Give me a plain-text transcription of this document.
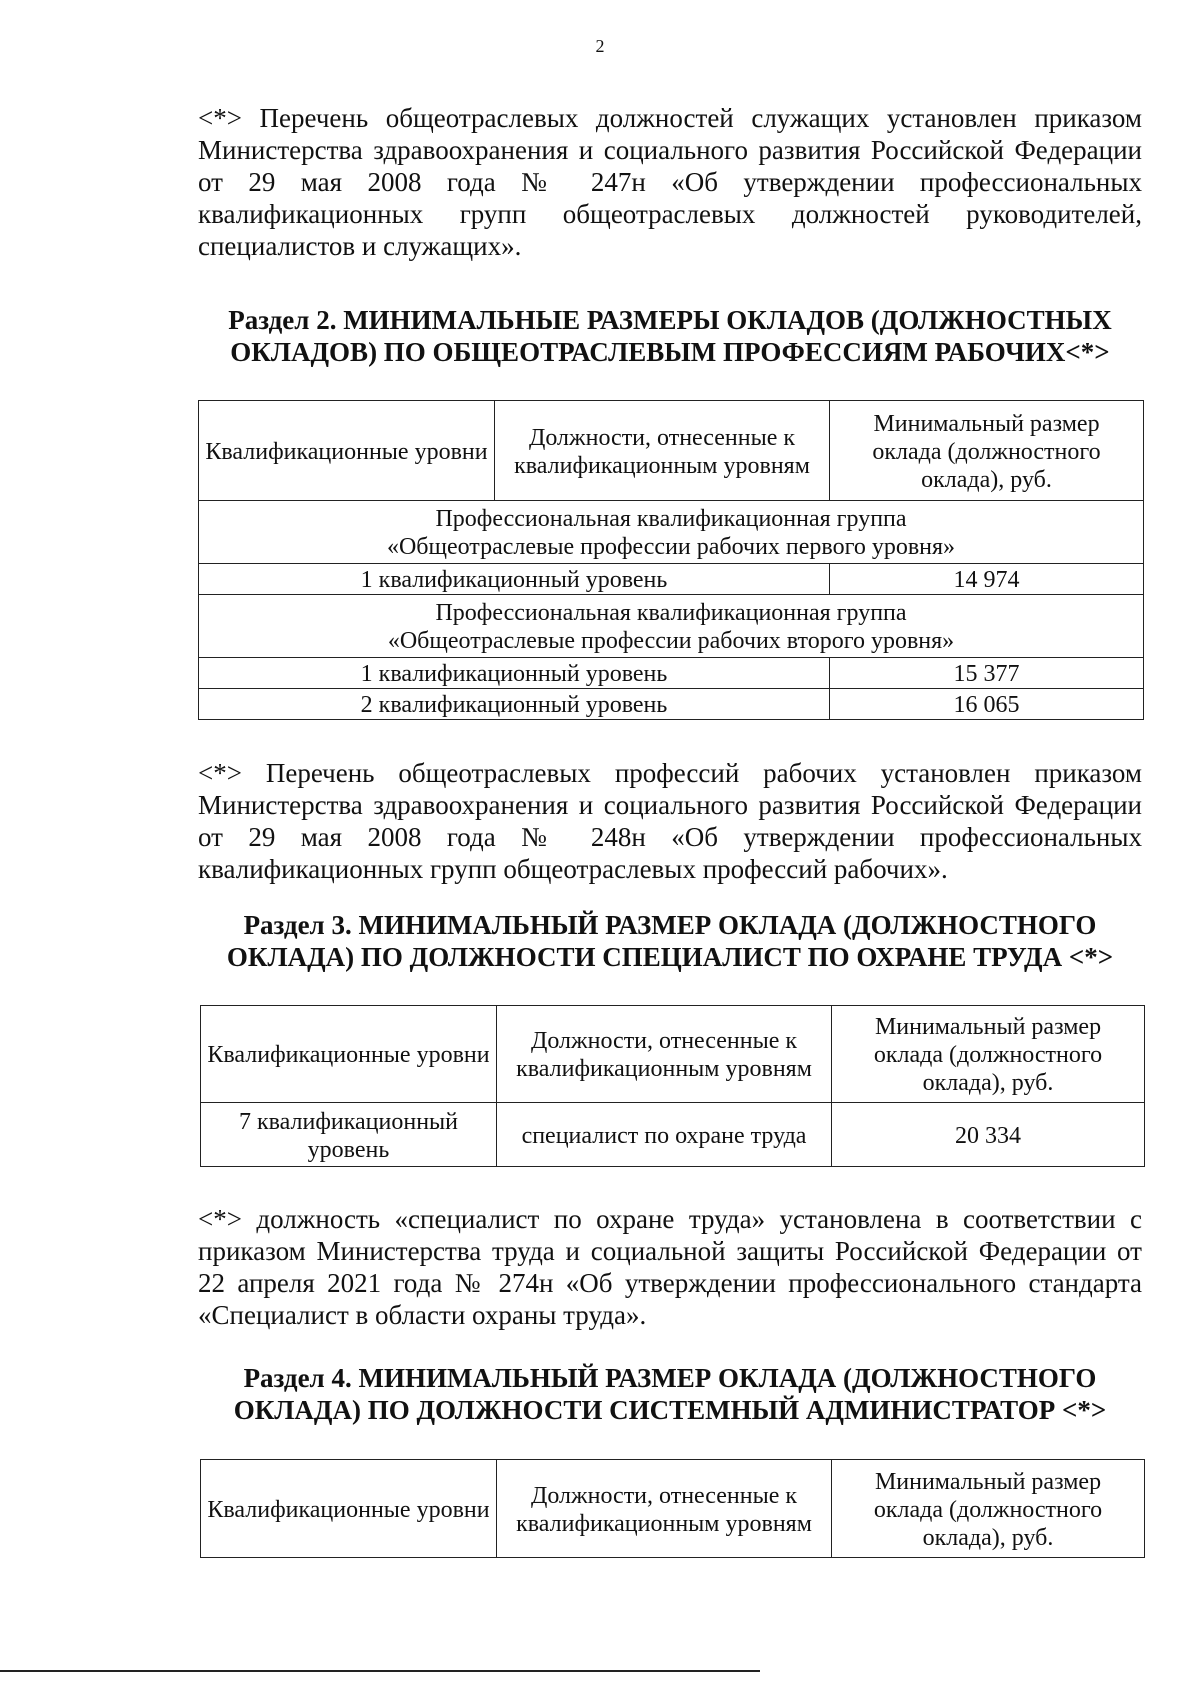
2

<*> Перечень общеотраслевых должностей служащих установлен приказом Министерства здравоохранения и социального развития Российской Федерации от 29 мая 2008 года № 247н «Об утверждении профессиональных квалификационных групп общеотраслевых должностей руководителей, специалистов и служащих».

Раздел 2. МИНИМАЛЬНЫЕ РАЗМЕРЫ ОКЛАДОВ (ДОЛЖНОСТНЫХ ОКЛАДОВ) ПО ОБЩЕОТРАСЛЕВЫМ ПРОФЕССИЯМ РАБОЧИХ<*>
Квалификационные уровни	Должности, отнесенные к квалификационным уровням	Минимальный размер оклада (должностного оклада), руб.

Профессиональная квалификационная группа
«Общеотраслевые профессии рабочих первого уровня»		

1 квалификационный уровень		14 974

Профессиональная квалификационная группа
«Общеотраслевые профессии рабочих второго уровня»		

1 квалификационный уровень		15 377
2 квалификационный уровень		16 065

<*> Перечень общеотраслевых профессий рабочих установлен приказом Министерства здравоохранения и социального развития Российской Федерации от 29 мая 2008 года № 248н «Об утверждении профессиональных квалификационных групп общеотраслевых профессий рабочих».

Раздел 3. МИНИМАЛЬНЫЙ РАЗМЕР ОКЛАДА (ДОЛЖНОСТНОГО ОКЛАДА) ПО ДОЛЖНОСТИ СПЕЦИАЛИСТ ПО ОХРАНЕ ТРУДА <*>
Квалификационные уровни	Должности, отнесенные к квалификационным уровням	Минимальный размер оклада (должностного оклада), руб.
7 квалификационный уровень	специалист по охране труда	20 334

<*> должность «специалист по охране труда» установлена в соответствии с приказом Министерства труда и социальной защиты Российской Федерации от 22 апреля 2021 года № 274н «Об утверждении профессионального стандарта «Специалист в области охраны труда».

Раздел 4. МИНИМАЛЬНЫЙ РАЗМЕР ОКЛАДА (ДОЛЖНОСТНОГО ОКЛАДА) ПО ДОЛЖНОСТИ СИСТЕМНЫЙ АДМИНИСТРАТОР <*>
Квалификационные уровни	Должности, отнесенные к квалификационным уровням	Минимальный размер оклада (должностного оклада), руб.
